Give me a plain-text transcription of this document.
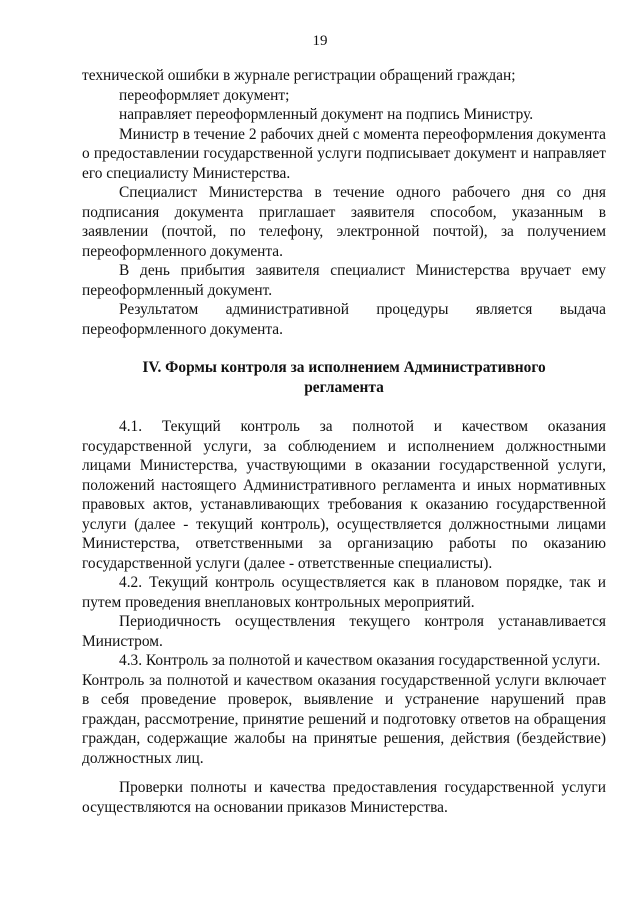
19

технической ошибки в журнале регистрации обращений граждан;

переоформляет документ;

направляет переоформленный документ на подпись Министру.

Министр в течение 2 рабочих дней с момента переоформления документа о предоставлении государственной услуги подписывает документ и направляет его специалисту Министерства.

Специалист Министерства в течение одного рабочего дня со дня подписания документа приглашает заявителя способом, указанным в заявлении (почтой, по телефону, электронной почтой), за получением переоформленного документа.

В день прибытия заявителя специалист Министерства вручает ему переоформленный документ.

Результатом административной процедуры является выдача переоформленного документа.

IV. Формы контроля за исполнением Административного регламента

4.1. Текущий контроль за полнотой и качеством оказания государственной услуги, за соблюдением и исполнением должностными лицами Министерства, участвующими в оказании государственной услуги, положений настоящего Административного регламента и иных нормативных правовых актов, устанавливающих требования к оказанию государственной услуги (далее - текущий контроль), осуществляется должностными лицами Министерства, ответственными за организацию работы по оказанию государственной услуги (далее - ответственные специалисты).

4.2. Текущий контроль осуществляется как в плановом порядке, так и путем проведения внеплановых контрольных мероприятий.

Периодичность осуществления текущего контроля устанавливается Министром.

4.3. Контроль за полнотой и качеством оказания государственной услуги.

Контроль за полнотой и качеством оказания государственной услуги включает в себя проведение проверок, выявление и устранение нарушений прав граждан, рассмотрение, принятие решений и подготовку ответов на обращения граждан, содержащие жалобы на принятые решения, действия (бездействие) должностных лиц.

Проверки полноты и качества предоставления государственной услуги осуществляются на основании приказов Министерства.
